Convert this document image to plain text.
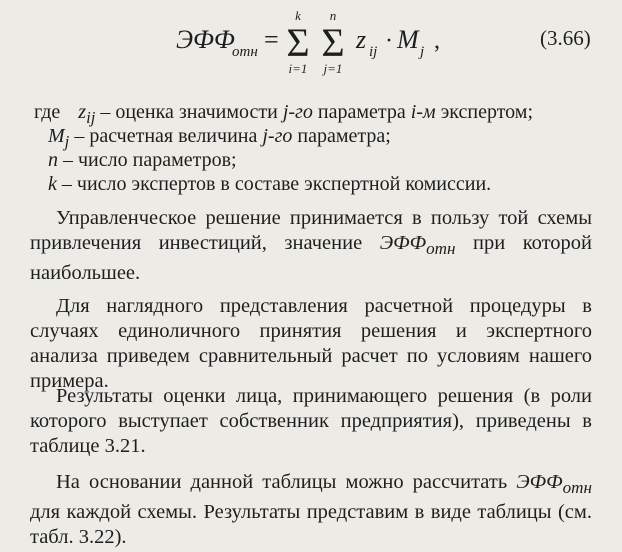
ЭФФ
отн =
k
Σ
i=1
n
Σ
j=1
z ij · M j ,	(3.66)
где $z_{ij}$ – оценка значимости j-го параметра i-м экспертом;
$M_j$ – расчетная величина j-го параметра;
n – число параметров;
k – число экспертов в составе экспертной комиссии.
Управленческое решение принимается в пользу той схемы привлечения инвестиций, значение $ЭФФ_{отн}$ при которой наибольшее.
Для наглядного представления расчетной процедуры в случаях единоличного принятия решения и экспертного анализа приведем сравнительный расчет по условиям нашего примера.
Результаты оценки лица, принимающего решения (в роли которого выступает собственник предприятия), приведены в таблице 3.21.
На основании данной таблицы можно рассчитать $ЭФФ_{отн}$ для каждой схемы. Результаты представим в виде таблицы (см. табл. 3.22).
